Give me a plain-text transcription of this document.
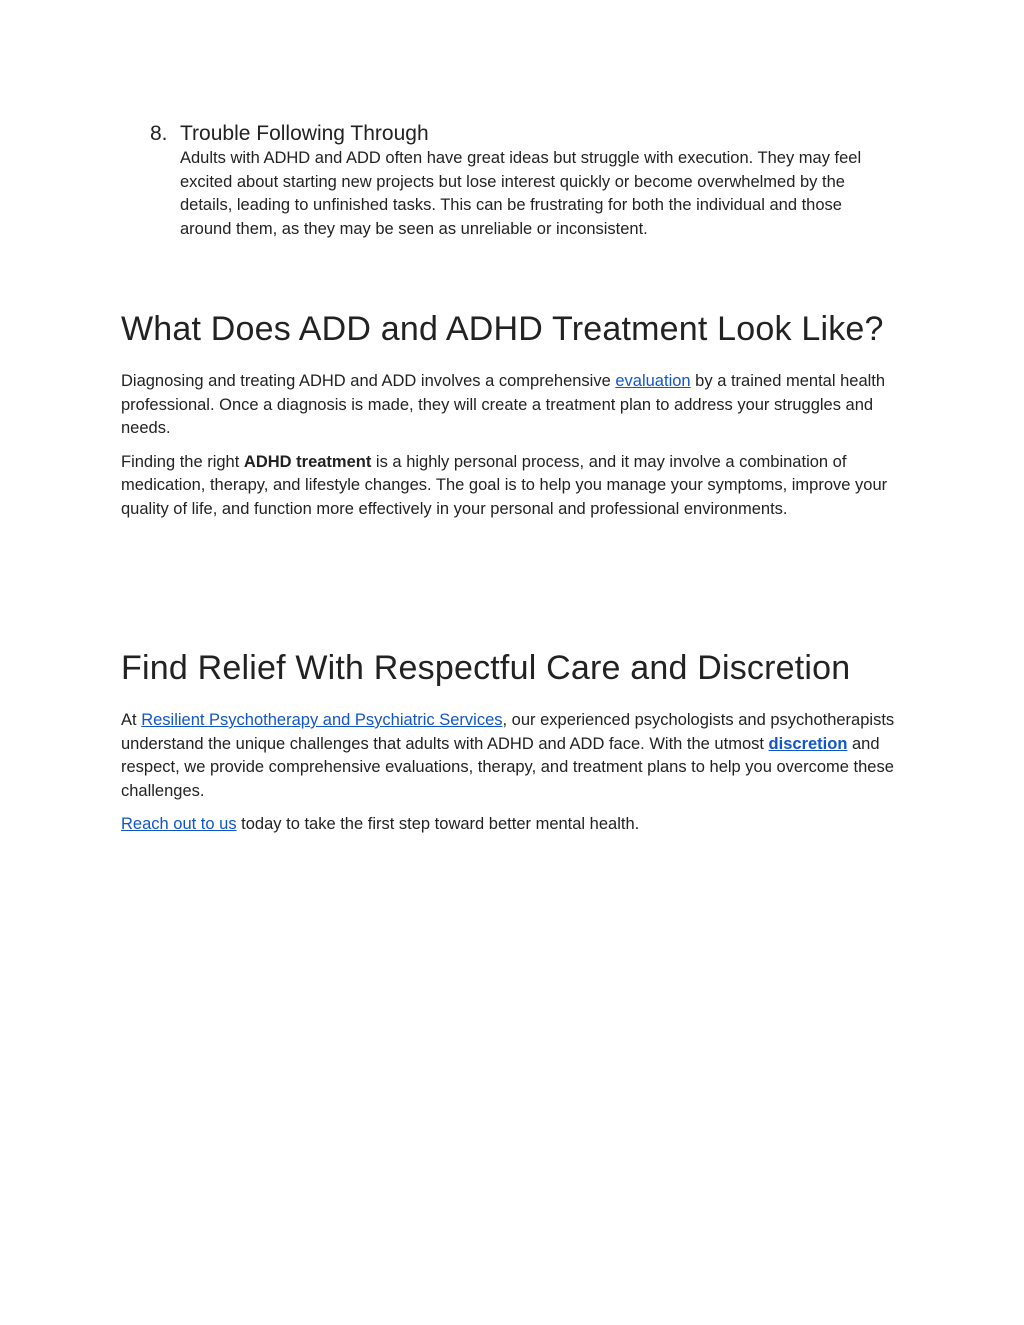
8. Trouble Following Through

Adults with ADHD and ADD often have great ideas but struggle with execution. They may feel excited about starting new projects but lose interest quickly or become overwhelmed by the details, leading to unfinished tasks. This can be frustrating for both the individual and those around them, as they may be seen as unreliable or inconsistent.

What Does ADD and ADHD Treatment Look Like?

Diagnosing and treating ADHD and ADD involves a comprehensive evaluation by a trained mental health professional. Once a diagnosis is made, they will create a treatment plan to address your struggles and needs.

Finding the right ADHD treatment is a highly personal process, and it may involve a combination of medication, therapy, and lifestyle changes. The goal is to help you manage your symptoms, improve your quality of life, and function more effectively in your personal and professional environments.

Find Relief With Respectful Care and Discretion

At Resilient Psychotherapy and Psychiatric Services, our experienced psychologists and psychotherapists understand the unique challenges that adults with ADHD and ADD face. With the utmost discretion and respect, we provide comprehensive evaluations, therapy, and treatment plans to help you overcome these challenges.

Reach out to us today to take the first step toward better mental health.
